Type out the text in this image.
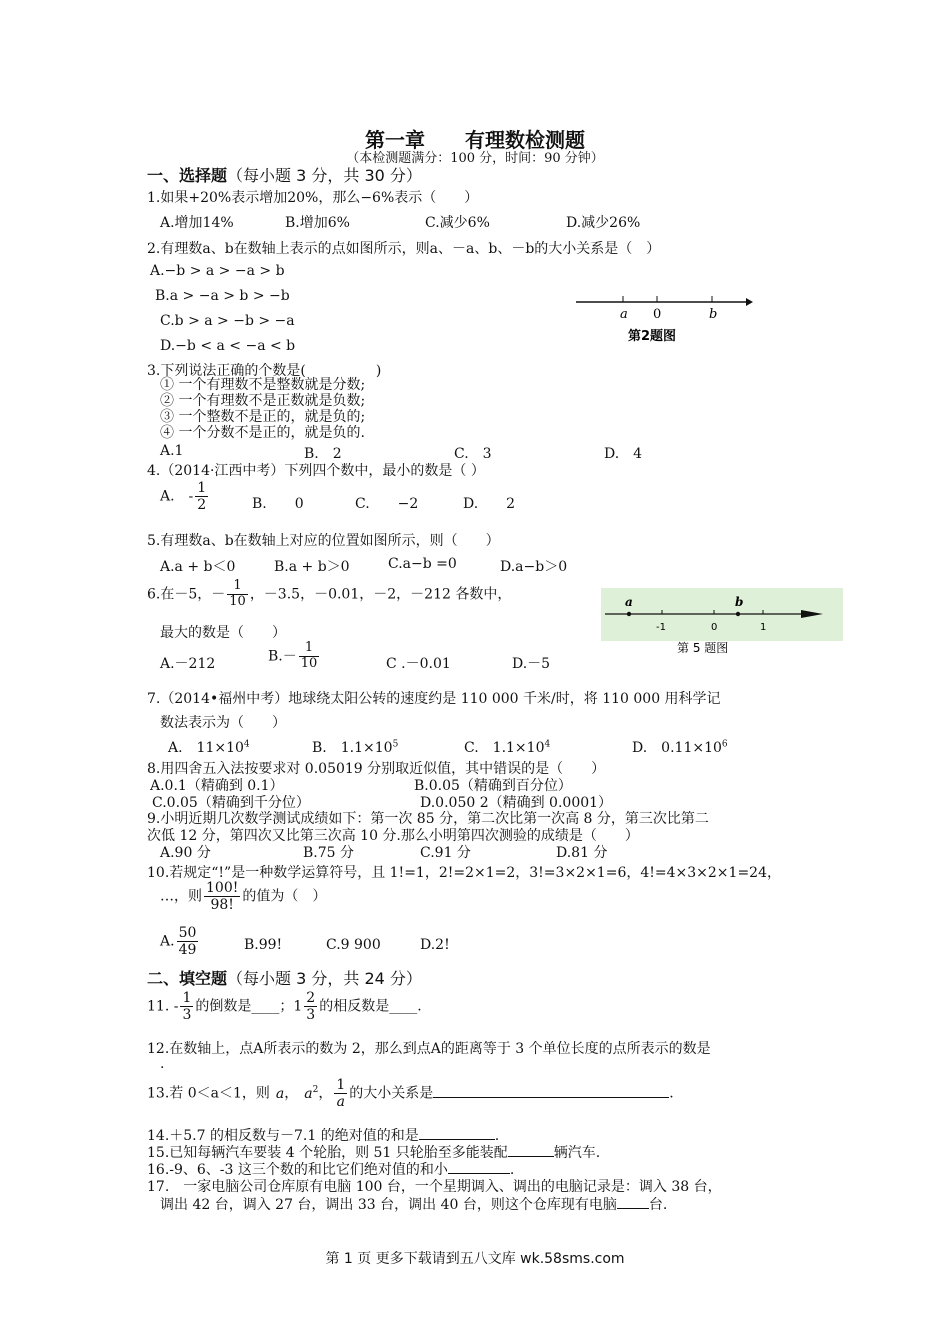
第一章　　有理数检测题
（本检测题满分：100 分，时间：90 分钟）
一、选择题（每小题 3 分，共 30 分）
1.如果+20%表示增加20%，那么−6%表示（　　）
A.增加14%	B.增加6%	C.减少6%	D.减少26%
2.有理数a、b在数轴上表示的点如图所示，则a、－a、b、－b的大小关系是（　）
A.−b > a > −a > b
B.a > −a > b > −b
C.b > a > −b > −a
D.−b < a < −a < b
a 0	b
第2题图
3.下列说法正确的个数是(　　　　　)
① 一个有理数不是整数就是分数;
② 一个有理数不是正数就是负数;
③ 一个整数不是正的，就是负的;
④ 一个分数不是正的，就是负的.
A.1	B.　2	C.　3	D.　4
4.（2014·江西中考）下列四个数中，最小的数是（ ）
A.　- $\frac{1}{2}$	B.　　0	C.　　−2	D.　　2
5.有理数a、b在数轴上对应的位置如图所示，则（　　）
A.a + b＜0	B.a + b＞0	C.a−b =0	D.a−b＞0
a	b
-1	0	1
第 5 题图
6.在－5，－ $\frac{1}{10}$ ，－3.5，－0.01，－2，－212 各数中，
最大的数是（　　）
A.－212	$B.- \frac{1}{10}$	C .－0.01	D.－5
7.（2014•福州中考）地球绕太阳公转的速度约是 110 000 千米/时，将 110 000 用科学记
数法表示为（　　）
A.　$11\times 10^4$	B.　$1.1\times 10^5$	C.　$1.1\times 10^4$	D.　$0.11\times 10^6$
8.用四舍五入法按要求对 0.05019 分别取近似值，其中错误的是（　　）
A.0.1（精确到 0.1）	B.0.05（精确到百分位）
C.0.05（精确到千分位）	D.0.050 2（精确到 0.0001）
9.小明近期几次数学测试成绩如下：第一次 85 分，第二次比第一次高 8 分，第三次比第二
次低 12 分，第四次又比第三次高 10 分.那么小明第四次测验的成绩是（　　）
A.90 分	B.75 分	C.91 分	D.81 分
10.若规定“!”是一种数学运算符号，且 1!=1，2!=2×1=2，3!=3×2×1=6，4!=4×3×2×1=24，
…，则 $\frac{100!}{98!}$ 的值为（　）
A. $\frac{50}{49}$	B.99!	C.9 900	D.2!
二、填空题（每小题 3 分，共 24 分）
11. - $\frac{1}{3}$ 的倒数是____；$1 \frac{2}{3}$ 的相反数是____.
12.在数轴上，点A所表示的数为 2，那么到点A的距离等于 3 个单位长度的点所表示的数是
.
13.若 0＜a＜1，则 a， $a^2$， $\frac{1}{a}$ 的大小关系是	.
14.＋5.7 的相反数与－7.1 的绝对值的和是	.
15.已知每辆汽车要装 4 个轮胎，则 51 只轮胎至多能装配	辆汽车.
16.-9、6、-3 这三个数的和比它们绝对值的和小	.
17.　一家电脑公司仓库原有电脑 100 台，一个星期调入、调出的电脑记录是：调入 38 台，
调出 42 台，调入 27 台，调出 33 台，调出 40 台，则这个仓库现有电脑 台.
第 1 页 更多下载请到五八文库 wk.58sms.com
